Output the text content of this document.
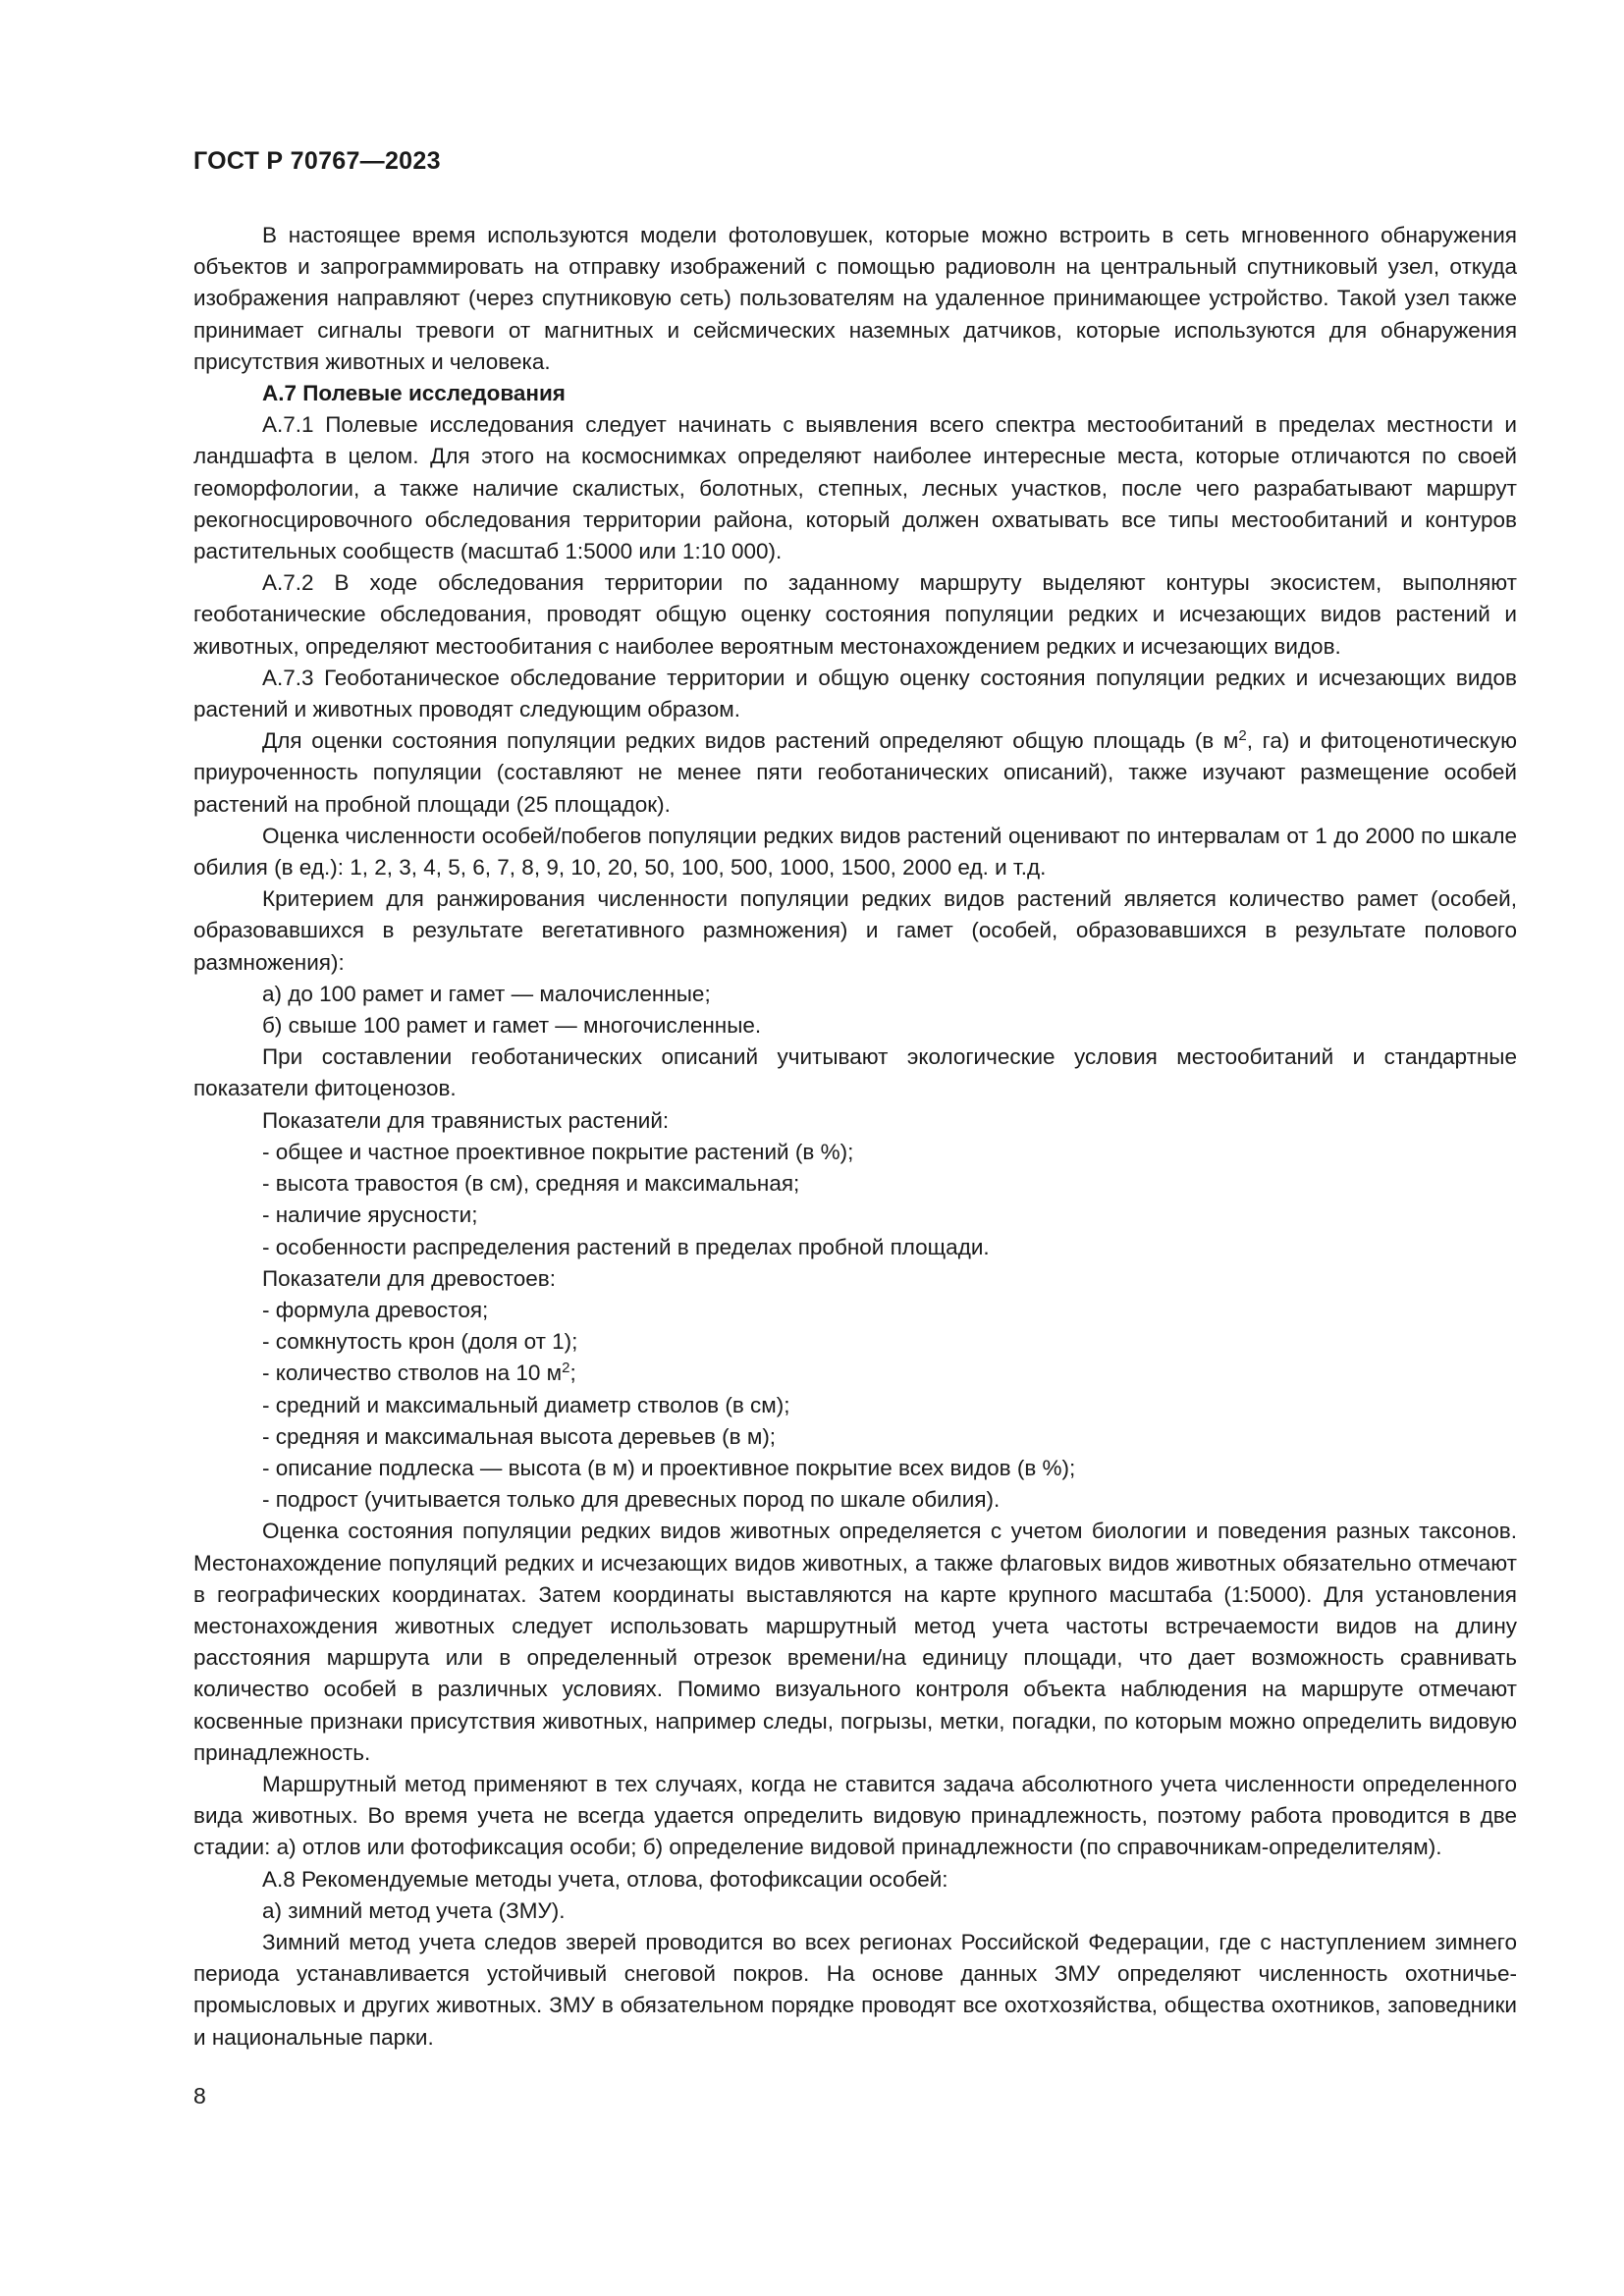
ГОСТ Р 70767—2023

В настоящее время используются модели фотоловушек, которые можно встроить в сеть мгновенного обнаружения объектов и запрограммировать на отправку изображений с помощью радиоволн на центральный спутниковый узел, откуда изображения направляют (через спутниковую сеть) пользователям на удаленное принимающее устройство. Такой узел также принимает сигналы тревоги от магнитных и сейсмических наземных датчиков, которые используются для обнаружения присутствия животных и человека.

А.7 Полевые исследования

А.7.1 Полевые исследования следует начинать с выявления всего спектра местообитаний в пределах местности и ландшафта в целом. Для этого на космоснимках определяют наиболее интересные места, которые отличаются по своей геоморфологии, а также наличие скалистых, болотных, степных, лесных участков, после чего разрабатывают маршрут рекогносцировочного обследования территории района, который должен охватывать все типы местообитаний и контуров растительных сообществ (масштаб 1:5000 или 1:10 000).

А.7.2 В ходе обследования территории по заданному маршруту выделяют контуры экосистем, выполняют геоботанические обследования, проводят общую оценку состояния популяции редких и исчезающих видов растений и животных, определяют местообитания с наиболее вероятным местонахождением редких и исчезающих видов.

А.7.3 Геоботаническое обследование территории и общую оценку состояния популяции редких и исчезающих видов растений и животных проводят следующим образом.

Для оценки состояния популяции редких видов растений определяют общую площадь (в $м^2$, га) и фитоценотическую приуроченность популяции (составляют не менее пяти геоботанических описаний), также изучают размещение особей растений на пробной площади (25 площадок).

Оценка численности особей/побегов популяции редких видов растений оценивают по интервалам от 1 до 2000 по шкале обилия (в ед.): 1, 2, 3, 4, 5, 6, 7, 8, 9, 10, 20, 50, 100, 500, 1000, 1500, 2000 ед. и т.д.

Критерием для ранжирования численности популяции редких видов растений является количество рамет (особей, образовавшихся в результате вегетативного размножения) и гамет (особей, образовавшихся в результате полового размножения):

а) до 100 рамет и гамет — малочисленные;

б) свыше 100 рамет и гамет — многочисленные.

При составлении геоботанических описаний учитывают экологические условия местообитаний и стандартные показатели фитоценозов.

Показатели для травянистых растений:

- общее и частное проективное покрытие растений (в %);

- высота травостоя (в см), средняя и максимальная;

- наличие ярусности;

- особенности распределения растений в пределах пробной площади.

Показатели для древостоев:

- формула древостоя;

- сомкнутость крон (доля от 1);

- количество стволов на 10 $м^2$;

- средний и максимальный диаметр стволов (в см);

- средняя и максимальная высота деревьев (в м);

- описание подлеска — высота (в м) и проективное покрытие всех видов (в %);

- подрост (учитывается только для древесных пород по шкале обилия).

Оценка состояния популяции редких видов животных определяется с учетом биологии и поведения разных таксонов. Местонахождение популяций редких и исчезающих видов животных, а также флаговых видов животных обязательно отмечают в географических координатах. Затем координаты выставляются на карте крупного масштаба (1:5000). Для установления местонахождения животных следует использовать маршрутный метод учета частоты встречаемости видов на длину расстояния маршрута или в определенный отрезок времени/на единицу площади, что дает возможность сравнивать количество особей в различных условиях. Помимо визуального контроля объекта наблюдения на маршруте отмечают косвенные признаки присутствия животных, например следы, погрызы, метки, погадки, по которым можно определить видовую принадлежность.

Маршрутный метод применяют в тех случаях, когда не ставится задача абсолютного учета численности определенного вида животных. Во время учета не всегда удается определить видовую принадлежность, поэтому работа проводится в две стадии: а) отлов или фотофиксация особи; б) определение видовой принадлежности (по справочникам-определителям).

А.8 Рекомендуемые методы учета, отлова, фотофиксации особей:

а) зимний метод учета (ЗМУ).

Зимний метод учета следов зверей проводится во всех регионах Российской Федерации, где с наступлением зимнего периода устанавливается устойчивый снеговой покров. На основе данных ЗМУ определяют численность охотничье-промысловых и других животных. ЗМУ в обязательном порядке проводят все охотхозяйства, общества охотников, заповедники и национальные парки.

8
